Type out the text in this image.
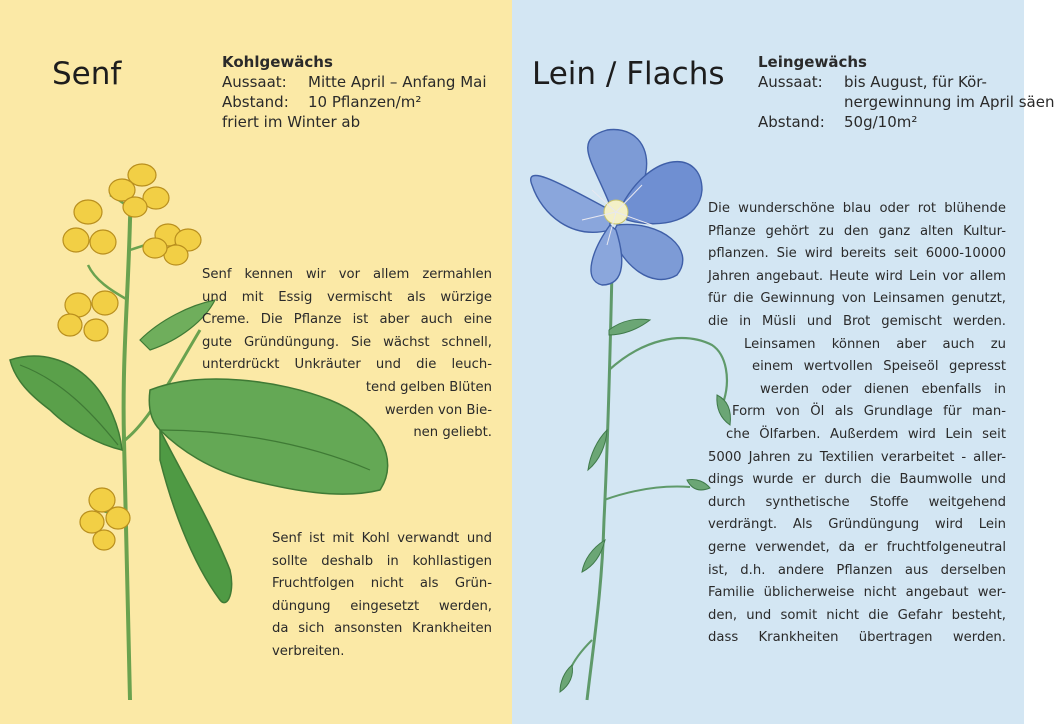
Senf	Kohlgewächs
Aussaat: Mitte April – Anfang Mai
Abstand: 10 Pflanzen/m²
friert im Winter ab
Senf kennen wir vor allem zermahlen
und mit Essig vermischt als würzige
Creme. Die Pflanze ist aber auch eine
gute Gründüngung. Sie wächst schnell,
unterdrückt Unkräuter und die leuch-
tend gelben Blüten
werden von Bie-
nen geliebt.
Senf ist mit Kohl verwandt und
sollte deshalb in kohllastigen
Fruchtfolgen nicht als Grün-
düngung eingesetzt werden,
da sich ansonsten Krankheiten
verbreiten.
Lein / Flachs Leingewächs
Aussaat: bis August, für Kör-
nergewinnung im April säen
Abstand: 50g/10m²
Die wunderschöne blau oder rot blühende
Pflanze gehört zu den ganz alten Kultur-
pflanzen. Sie wird bereits seit 6000-10000
Jahren angebaut. Heute wird Lein vor allem
für die Gewinnung von Leinsamen genutzt,
die in Müsli und Brot gemischt werden.
Leinsamen können aber auch zu
einem wertvollen Speiseöl gepresst
werden oder dienen ebenfalls in
Form von Öl als Grundlage für man-
che Ölfarben. Außerdem wird Lein seit
5000 Jahren zu Textilien verarbeitet - aller-
dings wurde er durch die Baumwolle und
durch synthetische Stoffe weitgehend
verdrängt. Als Gründüngung wird Lein
gerne verwendet, da er fruchtfolgeneutral
ist, d.h. andere Pflanzen aus derselben
Familie üblicherweise nicht angebaut wer-
den, und somit nicht die Gefahr besteht,
dass Krankheiten übertragen werden.
